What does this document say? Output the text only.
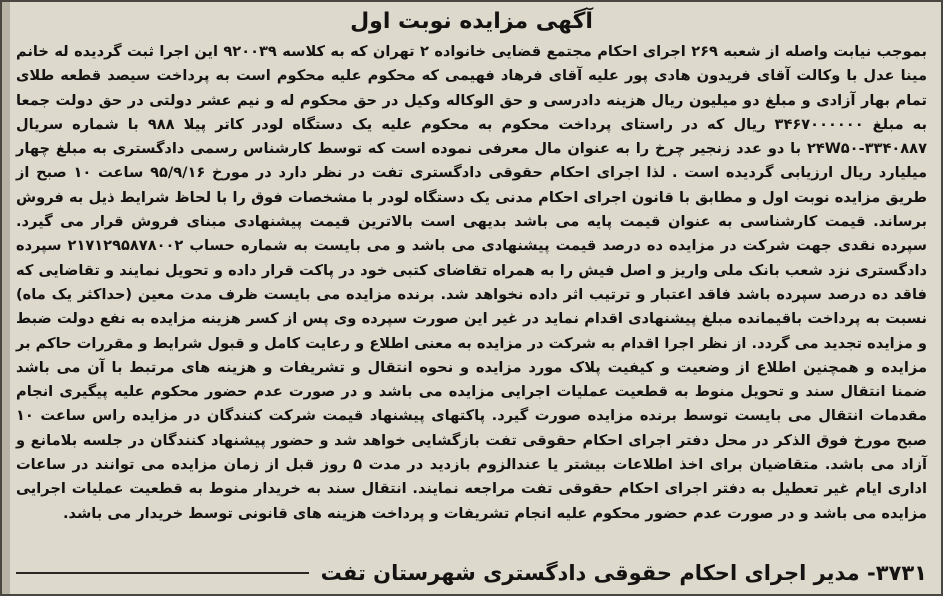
آگهی مزایده نوبت اول

بموجب نیابت واصله از شعبه ۲۶۹ اجرای احکام مجتمع قضایی خانواده ۲ تهران که به کلاسه ۹۲۰۰۳۹ این اجرا ثبت گردیده له خانم مینا عدل با وکالت آقای فریدون هادی پور علیه آقای فرهاد فهیمی که محکوم علیه محکوم است به پرداخت سیصد قطعه طلای تمام بهار آزادی و مبلغ دو میلیون ریال هزینه دادرسی و حق الوکاله وکیل در حق محکوم له و نیم عشر دولتی در حق دولت جمعا به مبلغ ۳۴۶۷۰۰۰۰۰۰ ریال که در راستای پرداخت محکوم به محکوم علیه یک دستگاه لودر کاتر پیلا ۹۸۸ با شماره سریال ۳۳۴۰۸۸۷-۲۴W۵۰ با دو عدد زنجیر چرخ را به عنوان مال معرفی نموده است که توسط کارشناس رسمی دادگستری به مبلغ چهار میلیارد ریال ارزیابی گردیده است . لذا اجرای احکام حقوقی دادگستری تفت در نظر دارد در مورخ ۹۵/۹/۱۶ ساعت ۱۰ صبح از طریق مزایده نوبت اول و مطابق با قانون اجرای احکام مدنی یک دستگاه لودر با مشخصات فوق را با لحاظ شرایط ذیل به فروش برساند. قیمت کارشناسی به عنوان قیمت پایه می باشد بدیهی است بالاترین قیمت پیشنهادی مبنای فروش قرار می گیرد. سپرده نقدی جهت شرکت در مزایده ده درصد قیمت پیشنهادی می باشد و می بایست به شماره حساب ۲۱۷۱۲۹۵۸۷۸۰۰۲ سپرده دادگستری نزد شعب بانک ملی واریز و اصل فیش را به همراه تقاضای کتبی خود در پاکت قرار داده و تحویل نمایند و تقاضایی که فاقد ده درصد سپرده باشد فاقد اعتبار و ترتیب اثر داده نخواهد شد. برنده مزایده می بایست ظرف مدت معین (حداکثر یک ماه) نسبت به پرداخت باقیمانده مبلغ پیشنهادی اقدام نماید در غیر این صورت سپرده وی پس از کسر هزینه مزایده به نفع دولت ضبط و مزایده تجدید می گردد. از نظر اجرا اقدام به شرکت در مزایده به معنی اطلاع و رعایت کامل و قبول شرایط و مقررات حاکم بر مزایده و همچنین اطلاع از وضعیت و کیفیت پلاک مورد مزایده و نحوه انتقال و تشریفات و هزینه های مرتبط با آن می باشد ضمنا انتقال سند و تحویل منوط به قطعیت عملیات اجرایی مزایده می باشد و در صورت عدم حضور محکوم علیه پیگیری انجام مقدمات انتقال می بایست توسط برنده مزایده صورت گیرد. پاکتهای پیشنهاد قیمت شرکت کنندگان در مزایده راس ساعت ۱۰ صبح مورخ فوق الذکر در محل دفتر اجرای احکام حقوقی تفت بازگشایی خواهد شد و حضور پیشنهاد کنندگان در جلسه بلامانع و آزاد می باشد. متقاضیان برای اخذ اطلاعات بیشتر یا عندالزوم بازدید در مدت ۵ روز قبل از زمان مزایده می توانند در ساعات اداری ایام غیر تعطیل به دفتر اجرای احکام حقوقی تفت مراجعه نمایند. انتقال سند به خریدار منوط به قطعیت عملیات اجرایی مزایده می باشد و در صورت عدم حضور محکوم علیه انجام تشریفات و پرداخت هزینه های قانونی توسط خریدار می باشد.

۳۷۳۱- مدیر اجرای احکام حقوقی دادگستری شهرستان تفت
